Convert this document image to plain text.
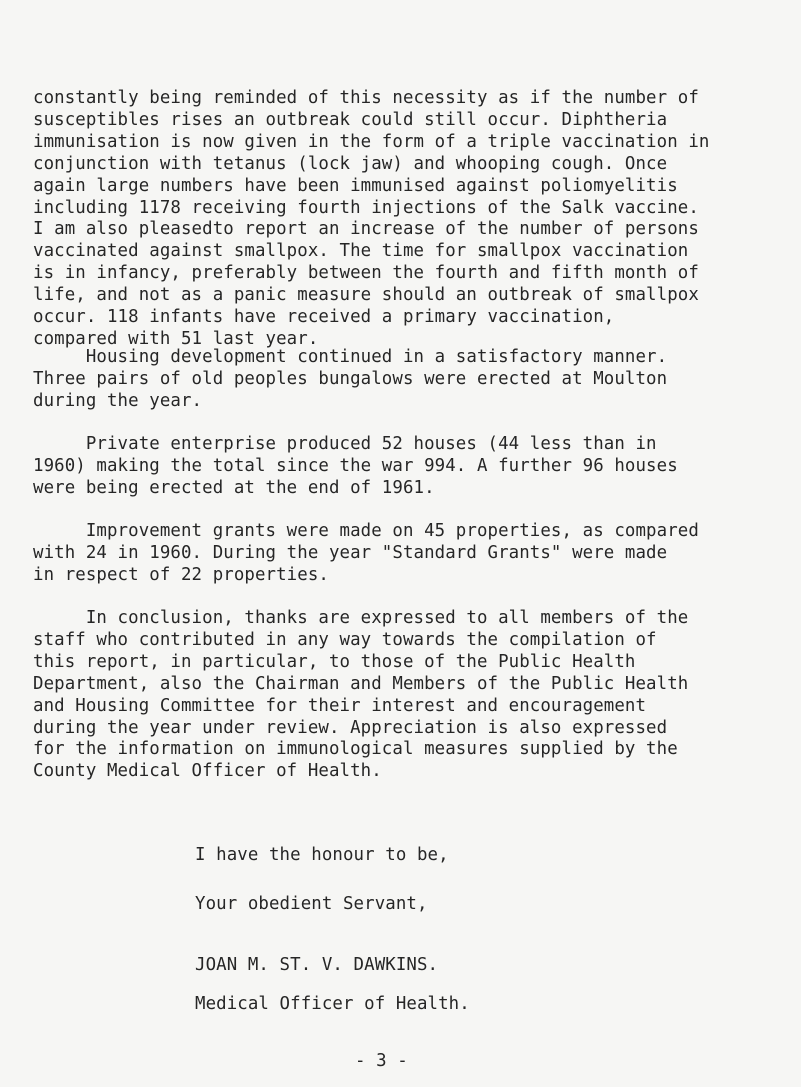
constantly being reminded of this necessity as if the number of
susceptibles rises an outbreak could still occur. Diphtheria
immunisation is now given in the form of a triple vaccination in
conjunction with tetanus (lock jaw) and whooping cough. Once
again large numbers have been immunised against poliomyelitis
including 1178 receiving fourth injections of the Salk vaccine.
I am also pleasedto report an increase of the number of persons
vaccinated against smallpox. The time for smallpox vaccination
is in infancy, preferably between the fourth and fifth month of
life, and not as a panic measure should an outbreak of smallpox
occur. 118 infants have received a primary vaccination,
compared with 51 last year.
Housing development continued in a satisfactory manner.
Three pairs of old peoples bungalows were erected at Moulton
during the year.
Private enterprise produced 52 houses (44 less than in
1960) making the total since the war 994. A further 96 houses
were being erected at the end of 1961.
Improvement grants were made on 45 properties, as compared
with 24 in 1960. During the year "Standard Grants" were made
in respect of 22 properties.
In conclusion, thanks are expressed to all members of the
staff who contributed in any way towards the compilation of
this report, in particular, to those of the Public Health
Department, also the Chairman and Members of the Public Health
and Housing Committee for their interest and encouragement
during the year under review. Appreciation is also expressed
for the information on immunological measures supplied by the
County Medical Officer of Health.
I have the honour to be,
Your obedient Servant,
JOAN M. ST. V. DAWKINS.
Medical Officer of Health.
- 3 -
